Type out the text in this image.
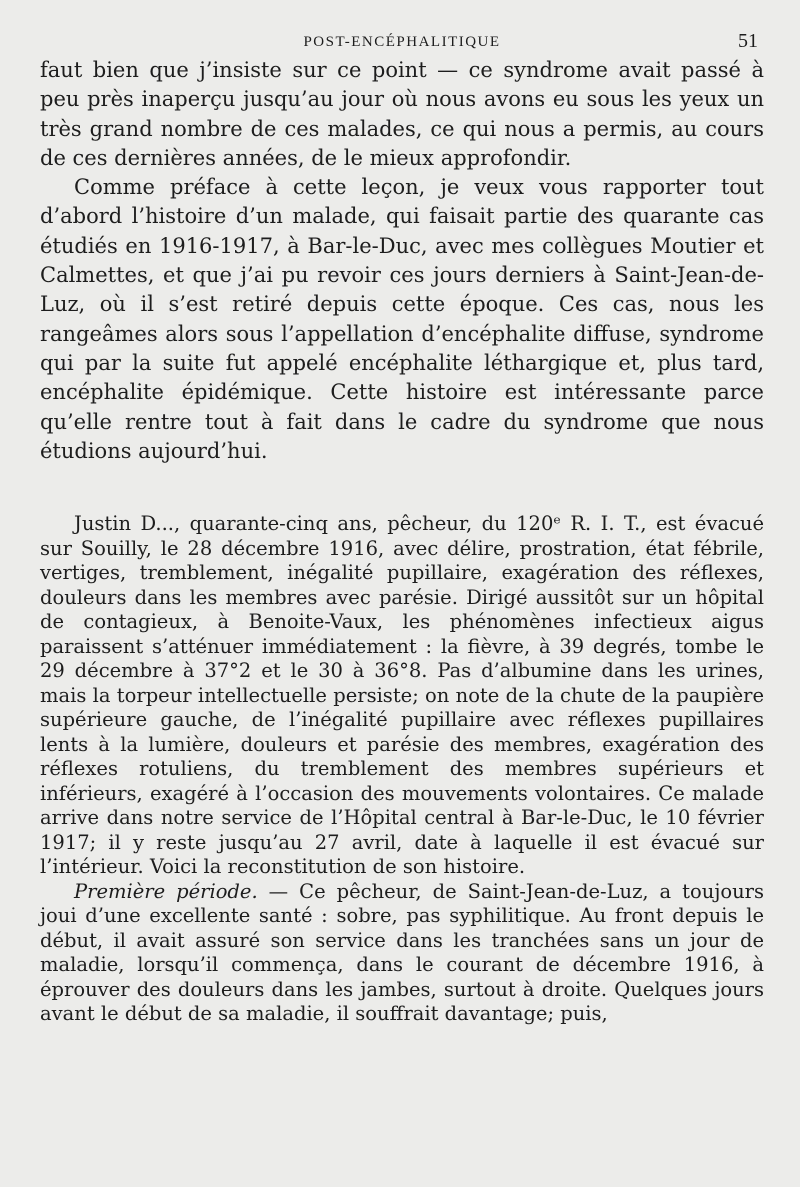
POST-ENCÉPHALITIQUE	51

faut bien que j’insiste sur ce point — ce syndrome avait passé à peu près inaperçu jusqu’au jour où nous avons eu sous les yeux un très grand nombre de ces malades, ce qui nous a permis, au cours de ces dernières années, de le mieux approfondir.

Comme préface à cette leçon, je veux vous rapporter tout d’abord l’histoire d’un malade, qui faisait partie des quarante cas étudiés en 1916-1917, à Bar-le-Duc, avec mes collègues Moutier et Calmettes, et que j’ai pu revoir ces jours derniers à Saint-Jean-de-Luz, où il s’est retiré depuis cette époque. Ces cas, nous les rangeâmes alors sous l’appellation d’encéphalite diffuse, syndrome qui par la suite fut appelé encéphalite léthargique et, plus tard, encéphalite épidémique. Cette histoire est intéressante parce qu’elle rentre tout à fait dans le cadre du syndrome que nous étudions aujourd’hui.

Justin D..., quarante-cinq ans, pêcheur, du 120ᵉ R. I. T., est évacué sur Souilly, le 28 décembre 1916, avec délire, prostration, état fébrile, vertiges, tremblement, inégalité pupillaire, exagération des réflexes, douleurs dans les membres avec parésie. Dirigé aussitôt sur un hôpital de contagieux, à Benoite-Vaux, les phénomènes infectieux aigus paraissent s’atténuer immédiatement : la fièvre, à 39 degrés, tombe le 29 décembre à 37°2 et le 30 à 36°8. Pas d’albumine dans les urines, mais la torpeur intellectuelle persiste; on note de la chute de la paupière supérieure gauche, de l’inégalité pupillaire avec réflexes pupillaires lents à la lumière, douleurs et parésie des membres, exagération des réflexes rotuliens, du tremblement des membres supérieurs et inférieurs, exagéré à l’occasion des mouvements volontaires. Ce malade arrive dans notre service de l’Hôpital central à Bar-le-Duc, le 10 février 1917; il y reste jusqu’au 27 avril, date à laquelle il est évacué sur l’intérieur. Voici la reconstitution de son histoire.

Première période. — Ce pêcheur, de Saint-Jean-de-Luz, a toujours joui d’une excellente santé : sobre, pas syphilitique. Au front depuis le début, il avait assuré son service dans les tranchées sans un jour de maladie, lorsqu’il commença, dans le courant de décembre 1916, à éprouver des douleurs dans les jambes, surtout à droite. Quelques jours avant le début de sa maladie, il souffrait davantage; puis,
